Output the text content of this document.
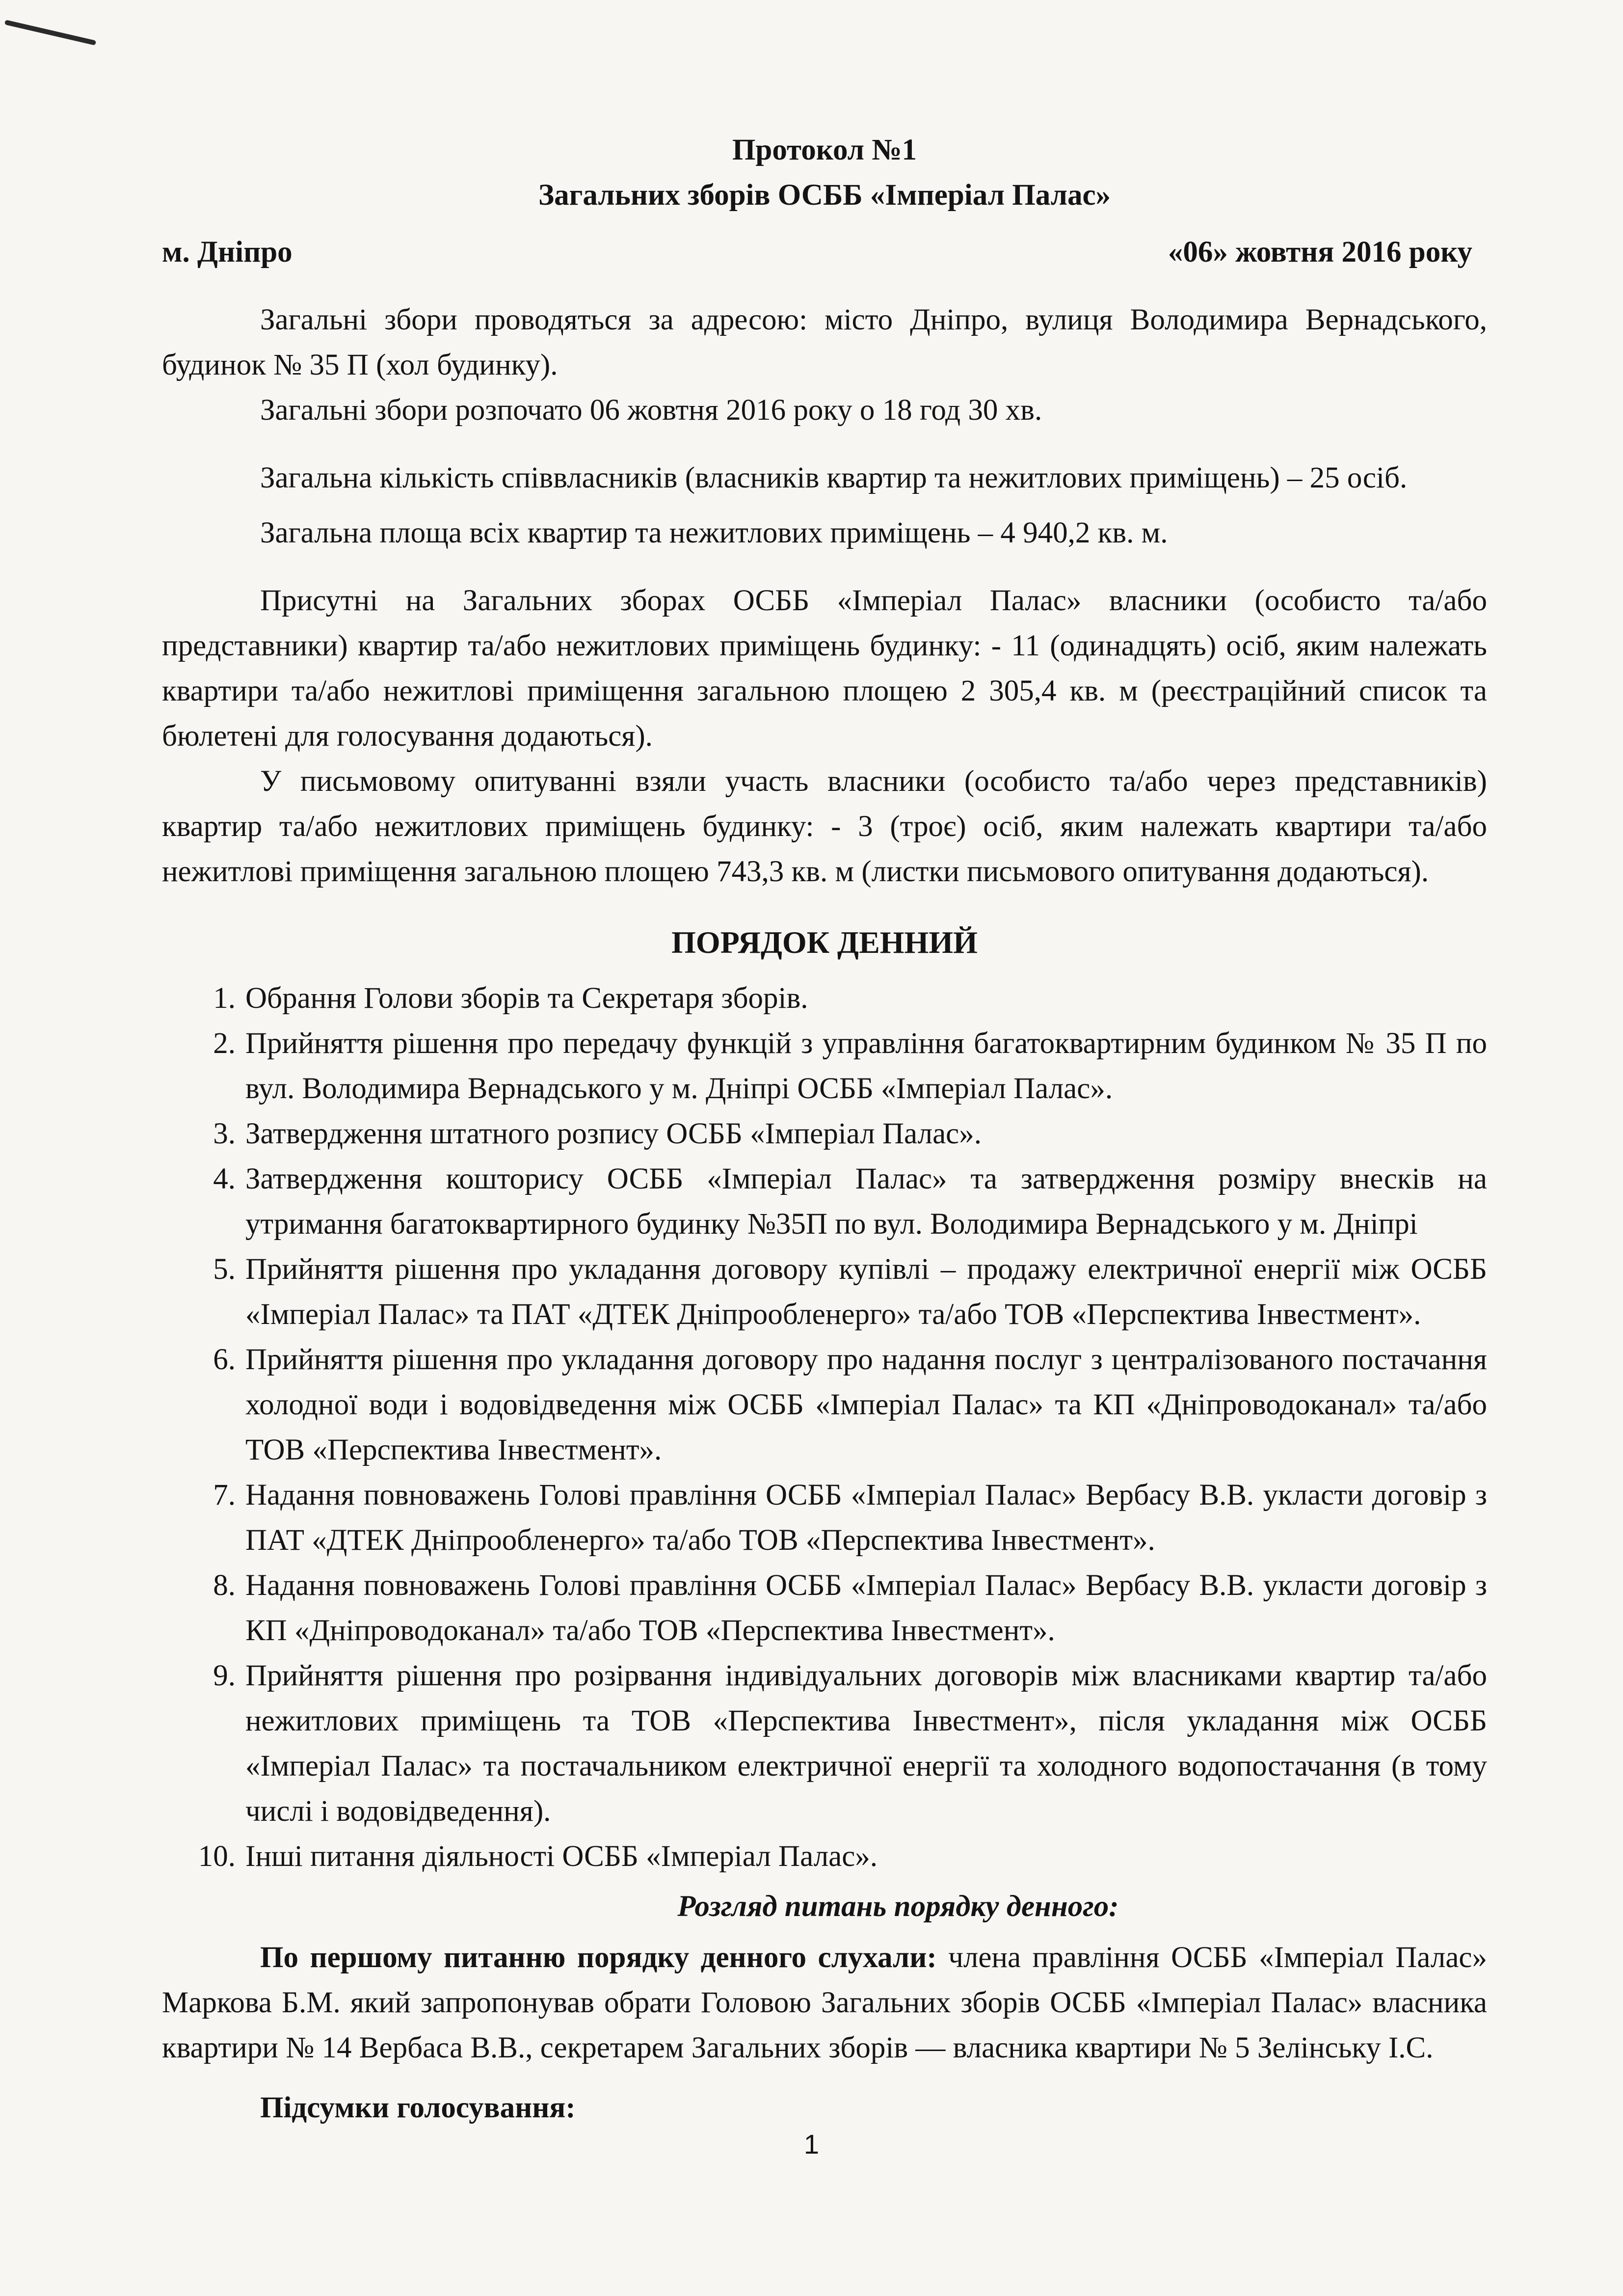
Протокол №1
Загальних зборів ОСББ «Імперіал Палас»
м. Дніпро	«06» жовтня 2016 року

Загальні збори проводяться за адресою: місто Дніпро, вулиця Володимира Вернадського, будинок № 35 П (хол будинку).

Загальні збори розпочато 06 жовтня 2016 року о 18 год 30 хв.

Загальна кількість співвласників (власників квартир та нежитлових приміщень) – 25 осіб.

Загальна площа всіх квартир та нежитлових приміщень – 4 940,2 кв. м.

Присутні на Загальних зборах ОСББ «Імперіал Палас» власники (особисто та/або представники) квартир та/або нежитлових приміщень будинку: - 11 (одинадцять) осіб, яким належать квартири та/або нежитлові приміщення загальною площею 2 305,4 кв. м (реєстраційний список та бюлетені для голосування додаються).

У письмовому опитуванні взяли участь власники (особисто та/або через представників) квартир та/або нежитлових приміщень будинку: - 3 (троє) осіб, яким належать квартири та/або нежитлові приміщення загальною площею 743,3 кв. м (листки письмового опитування додаються).

ПОРЯДОК ДЕННИЙ
1. Обрання Голови зборів та Секретаря зборів.
2. Прийняття рішення про передачу функцій з управління багатоквартирним будинком № 35 П по вул. Володимира Вернадського у м. Дніпрі ОСББ «Імперіал Палас».
3. Затвердження штатного розпису ОСББ «Імперіал Палас».
4. Затвердження кошторису ОСББ «Імперіал Палас» та затвердження розміру внесків на утримання багатоквартирного будинку №35П по вул. Володимира Вернадського у м. Дніпрі
5. Прийняття рішення про укладання договору купівлі – продажу електричної енергії між ОСББ «Імперіал Палас» та ПАТ «ДТЕК Дніпрообленерго» та/або ТОВ «Перспектива Інвестмент».
6. Прийняття рішення про укладання договору про надання послуг з централізованого постачання холодної води і водовідведення між ОСББ «Імперіал Палас» та КП «Дніпроводоканал» та/або ТОВ «Перспектива Інвестмент».
7. Надання повноважень Голові правління ОСББ «Імперіал Палас» Вербасу В.В. укласти договір з ПАТ «ДТЕК Дніпрообленерго» та/або ТОВ «Перспектива Інвестмент».
8. Надання повноважень Голові правління ОСББ «Імперіал Палас» Вербасу В.В. укласти договір з КП «Дніпроводоканал» та/або ТОВ «Перспектива Інвестмент».
9. Прийняття рішення про розірвання індивідуальних договорів між власниками квартир та/або нежитлових приміщень та ТОВ «Перспектива Інвестмент», після укладання між ОСББ «Імперіал Палас» та постачальником електричної енергії та холодного водопостачання (в тому числі і водовідведення).
10. Інші питання діяльності ОСББ «Імперіал Палас».
Розгляд питань порядку денного:

По першому питанню порядку денного слухали: члена правління ОСББ «Імперіал Палас» Маркова Б.М. який запропонував обрати Головою Загальних зборів ОСББ «Імперіал Палас» власника квартири № 14 Вербаса В.В., секретарем Загальних зборів — власника квартири № 5 Зелінську І.С.

Підсумки голосування:

1
